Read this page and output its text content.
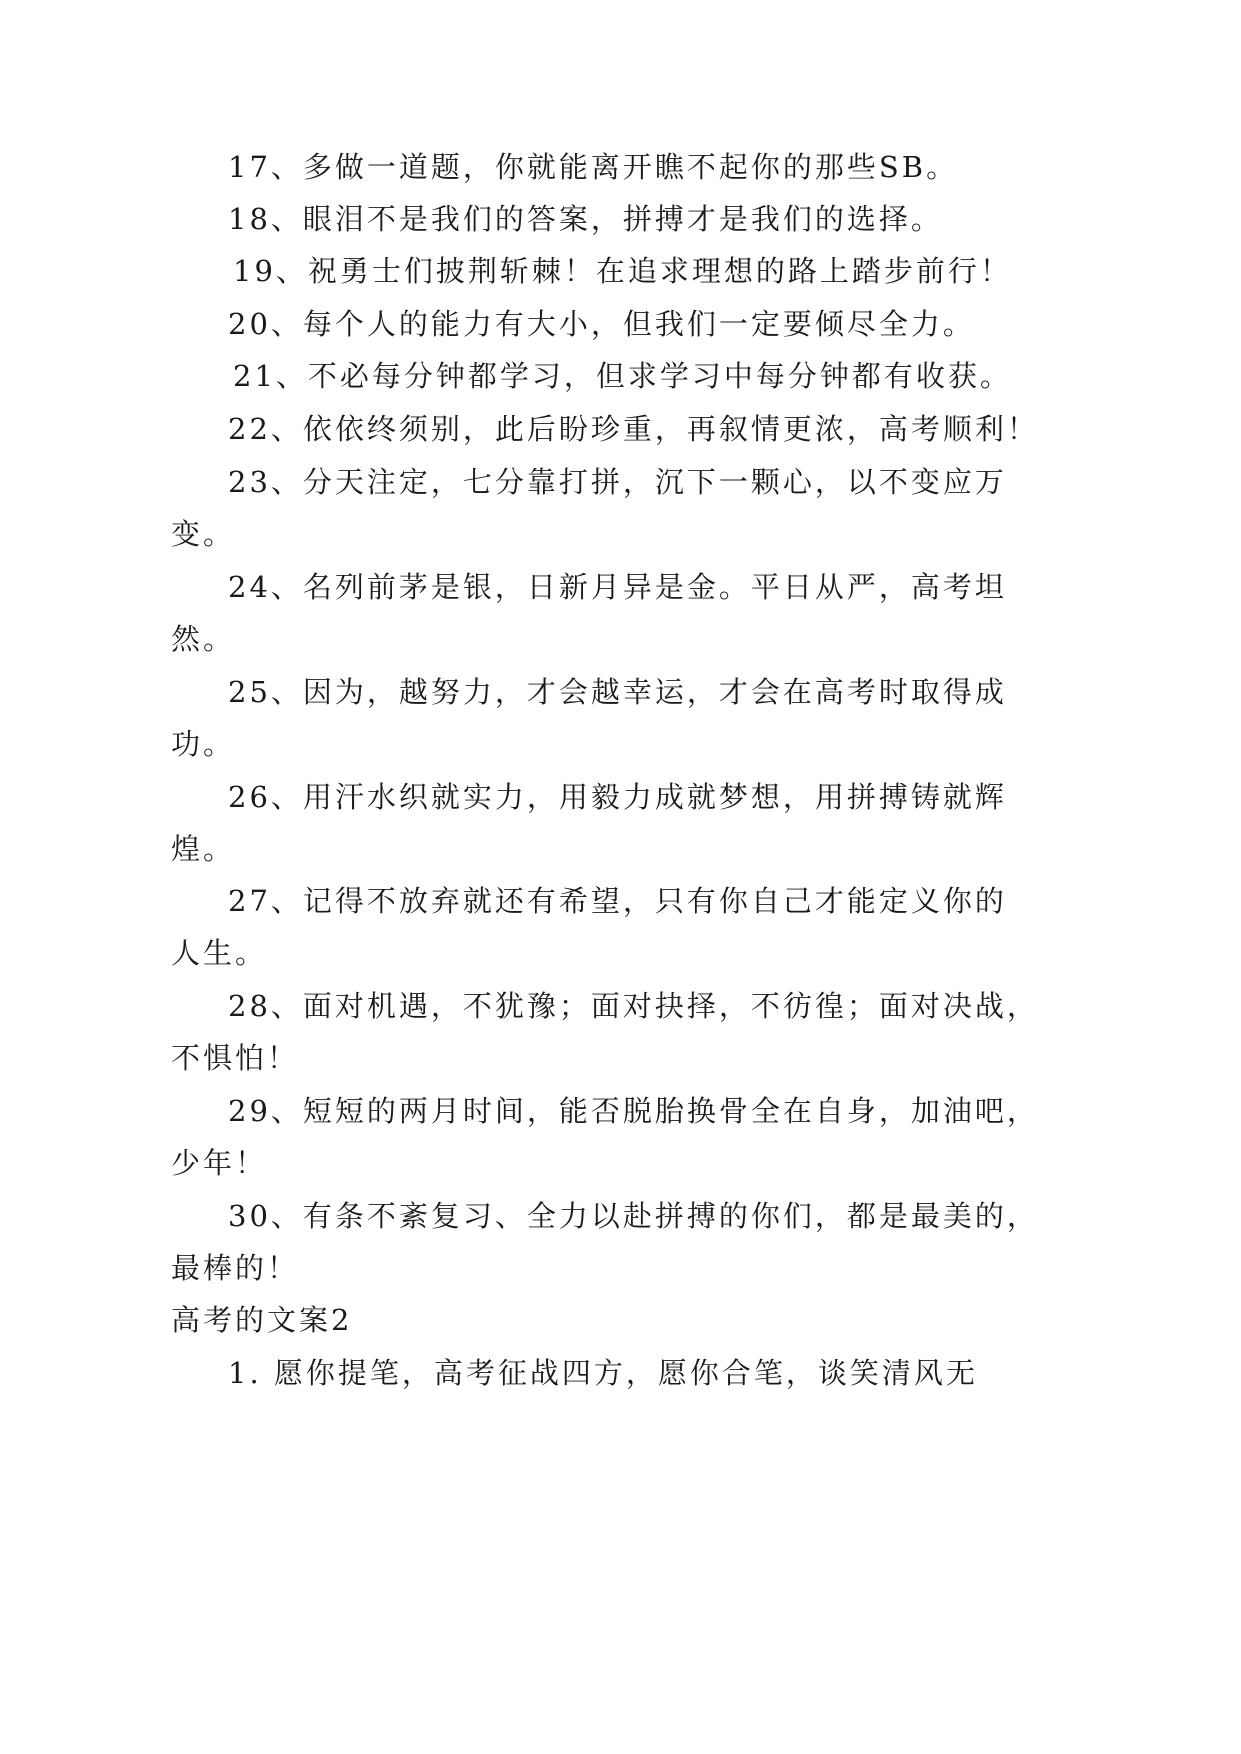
17、多做一道题，你就能离开瞧不起你的那些SB。
18、眼泪不是我们的答案，拼搏才是我们的选择。
19、祝勇士们披荆斩棘！在追求理想的路上踏步前行！
20、每个人的能力有大小，但我们一定要倾尽全力。
21、不必每分钟都学习，但求学习中每分钟都有收获。
22、依依终须别，此后盼珍重，再叙情更浓，高考顺利！
23、分天注定，七分靠打拼，沉下一颗心，以不变应万
变。
24、名列前茅是银，日新月异是金。平日从严，高考坦
然。
25、因为，越努力，才会越幸运，才会在高考时取得成
功。
26、用汗水织就实力，用毅力成就梦想，用拼搏铸就辉
煌。
27、记得不放弃就还有希望，只有你自己才能定义你的
人生。
28、面对机遇，不犹豫；面对抉择，不彷徨；面对决战，
不惧怕！
29、短短的两月时间，能否脱胎换骨全在自身，加油吧，
少年！
30、有条不紊复习、全力以赴拼搏的你们，都是最美的，
最棒的！
高考的文案2
1. 愿你提笔，高考征战四方，愿你合笔，谈笑清风无
